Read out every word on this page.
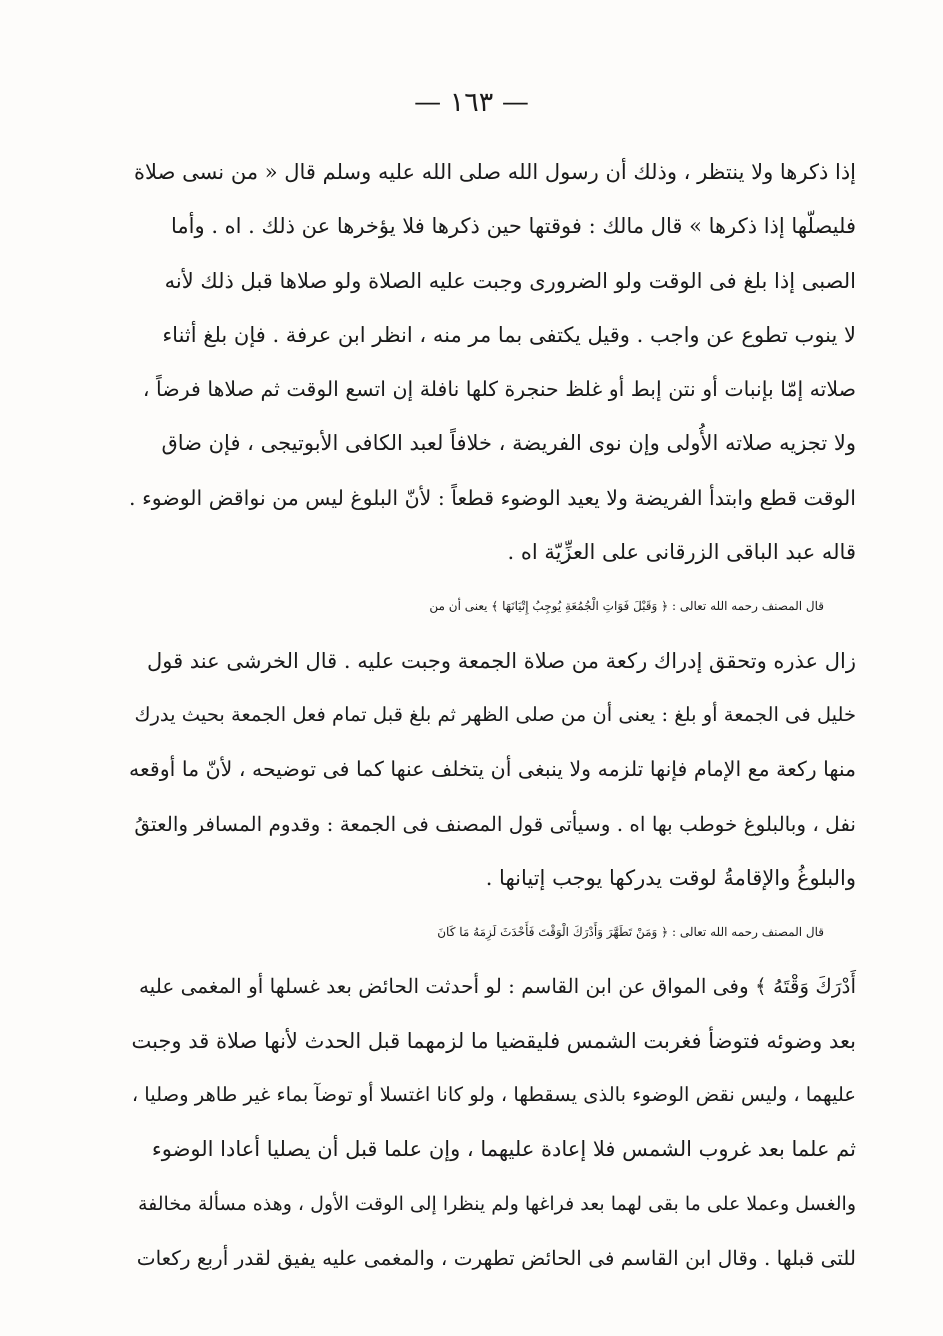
— ١٦٣ —
إذا ذكرها ولا ينتظر ، وذلك أن رسول الله صلى الله عليه وسلم قال « من نسى صلاة
فليصلّها إذا ذكرها » قال مالك : فوقتها حين ذكرها فلا يؤخرها عن ذلك . اه . وأما
الصبى إذا بلغ فى الوقت ولو الضرورى وجبت عليه الصلاة ولو صلاها قبل ذلك لأنه
لا ينوب تطوع عن واجب . وقيل يكتفى بما مر منه ، انظر ابن عرفة . فإن بلغ أثناء
صلاته إمّا بإنبات أو نتن إبط أو غلظ حنجرة كلها نافلة إن اتسع الوقت ثم صلاها فرضاً ،
ولا تجزيه صلاته الأُولى وإن نوى الفريضة ، خلافاً لعبد الكافى الأبوتيجى ، فإن ضاق
الوقت قطع وابتدأ الفريضة ولا يعيد الوضوء قطعاً : لأنّ البلوغ ليس من نواقض الوضوء .
قاله عبد الباقى الزرقانى على العزِّيّة اه .
قال المصنف رحمه الله تعالى : ﴿ وَقَبْلَ فَوَاتِ الْجُمُعَةِ يُوجِبُ إِتْيَانَهَا ﴾ يعنى أن من
زال عذره وتحقق إدراك ركعة من صلاة الجمعة وجبت عليه . قال الخرشى عند قول
خليل فى الجمعة أو بلغ : يعنى أن من صلى الظهر ثم بلغ قبل تمام فعل الجمعة بحيث يدرك
منها ركعة مع الإمام فإنها تلزمه ولا ينبغى أن يتخلف عنها كما فى توضيحه ، لأنّ ما أوقعه
نفل ، وبالبلوغ خوطب بها اه . وسيأتى قول المصنف فى الجمعة : وقدوم المسافر والعتقُ
والبلوغُ والإقامةُ لوقت يدركها يوجب إتيانها .
قال المصنف رحمه الله تعالى : ﴿ وَمَنْ تَطَهَّرَ وَأَدْرَكَ الْوَقْتَ فَأَحْدَثَ لَزِمَهُ مَا كَانَ
أَدْرَكَ وَقْتَهُ ﴾ وفى المواق عن ابن القاسم : لو أحدثت الحائض بعد غسلها أو المغمى عليه
بعد وضوئه فتوضأ فغربت الشمس فليقضيا ما لزمهما قبل الحدث لأنها صلاة قد وجبت
عليهما ، وليس نقض الوضوء بالذى يسقطها ، ولو كانا اغتسلا أو توضآ بماء غير طاهر وصليا ،
ثم علما بعد غروب الشمس فلا إعادة عليهما ، وإن علما قبل أن يصليا أعادا الوضوء
والغسل وعملا على ما بقى لهما بعد فراغها ولم ينظرا إلى الوقت الأول ، وهذه مسألة مخالفة
للتى قبلها . وقال ابن القاسم فى الحائض تطهرت ، والمغمى عليه يفيق لقدر أربع ركعات
